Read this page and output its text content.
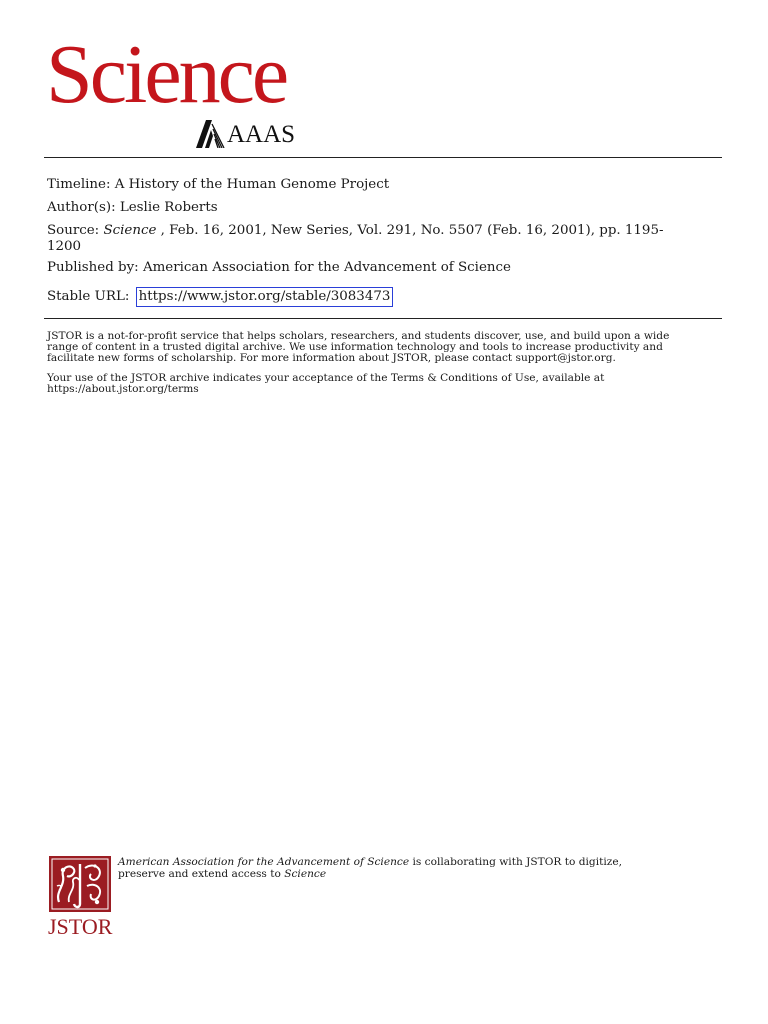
Science
AAAS
Timeline: A History of the Human Genome Project
Author(s): Leslie Roberts
Source: Science , Feb. 16, 2001, New Series, Vol. 291, No. 5507 (Feb. 16, 2001), pp. 1195-
1200
Published by: American Association for the Advancement of Science
Stable URL: https://www.jstor.org/stable/3083473
JSTOR is a not-for-profit service that helps scholars, researchers, and students discover, use, and build upon a wide
range of content in a trusted digital archive. We use information technology and tools to increase productivity and
facilitate new forms of scholarship. For more information about JSTOR, please contact support@jstor.org.
Your use of the JSTOR archive indicates your acceptance of the Terms & Conditions of Use, available at
https://about.jstor.org/terms
JSTOR
American Association for the Advancement of Science is collaborating with JSTOR to digitize,
preserve and extend access to Science
